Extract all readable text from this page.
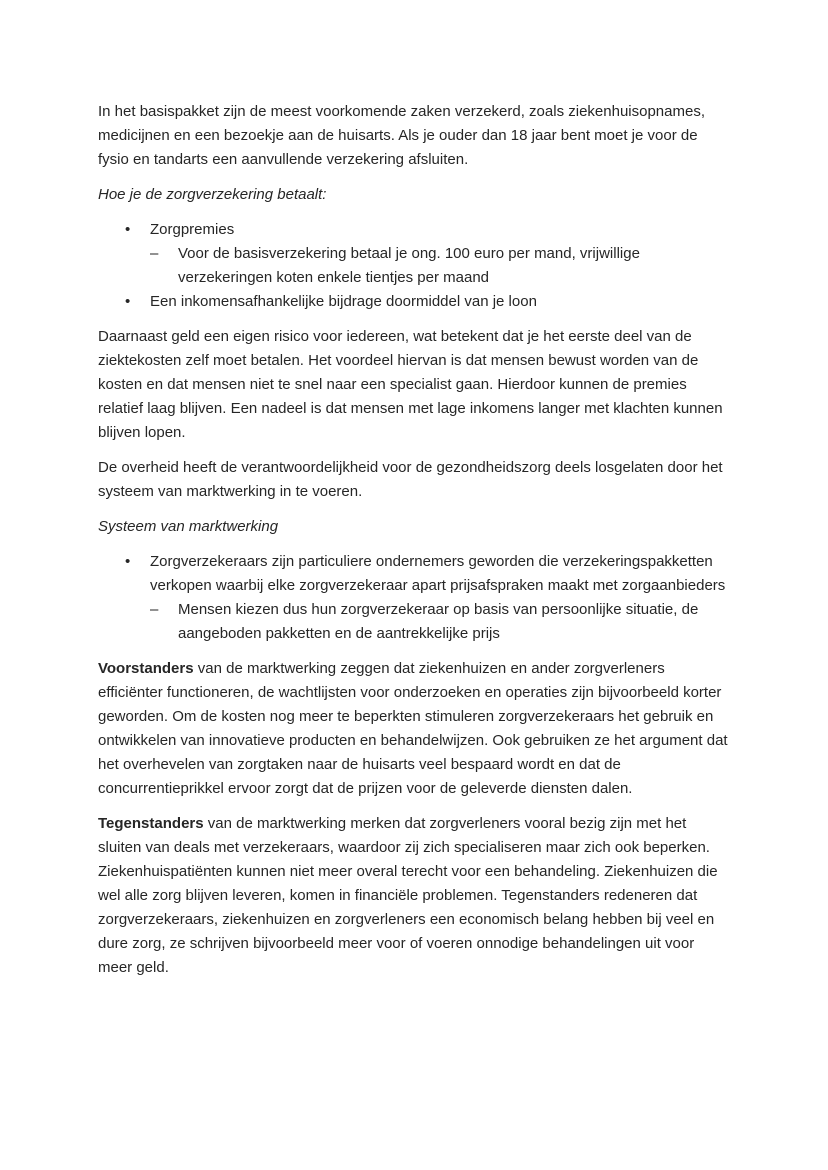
In het basispakket zijn de meest voorkomende zaken verzekerd, zoals ziekenhuisopnames, medicijnen en een bezoekje aan de huisarts. Als je ouder dan 18 jaar bent moet je voor de fysio en tandarts een aanvullende verzekering afsluiten.

Hoe je de zorgverzekering betaalt:

• Zorgpremies
– Voor de basisverzekering betaal je ong. 100 euro per mand, vrijwillige verzekeringen koten enkele tientjes per maand
• Een inkomensafhankelijke bijdrage doormiddel van je loon

Daarnaast geld een eigen risico voor iedereen, wat betekent dat je het eerste deel van de ziektekosten zelf moet betalen. Het voordeel hiervan is dat mensen bewust worden van de kosten en dat mensen niet te snel naar een specialist gaan. Hierdoor kunnen de premies relatief laag blijven. Een nadeel is dat mensen met lage inkomens langer met klachten kunnen blijven lopen.

De overheid heeft de verantwoordelijkheid voor de gezondheidszorg deels losgelaten door het systeem van marktwerking in te voeren.

Systeem van marktwerking

• Zorgverzekeraars zijn particuliere ondernemers geworden die verzekeringspakketten verkopen waarbij elke zorgverzekeraar apart prijsafspraken maakt met zorgaanbieders
– Mensen kiezen dus hun zorgverzekeraar op basis van persoonlijke situatie, de aangeboden pakketten en de aantrekkelijke prijs

Voorstanders van de marktwerking zeggen dat ziekenhuizen en ander zorgverleners efficiënter functioneren, de wachtlijsten voor onderzoeken en operaties zijn bijvoorbeeld korter geworden. Om de kosten nog meer te beperkten stimuleren zorgverzekeraars het gebruik en ontwikkelen van innovatieve producten en behandelwijzen. Ook gebruiken ze het argument dat het overhevelen van zorgtaken naar de huisarts veel bespaard wordt en dat de concurrentieprikkel ervoor zorgt dat de prijzen voor de geleverde diensten dalen.

Tegenstanders van de marktwerking merken dat zorgverleners vooral bezig zijn met het sluiten van deals met verzekeraars, waardoor zij zich specialiseren maar zich ook beperken. Ziekenhuispatiënten kunnen niet meer overal terecht voor een behandeling. Ziekenhuizen die wel alle zorg blijven leveren, komen in financiële problemen. Tegenstanders redeneren dat zorgverzekeraars, ziekenhuizen en zorgverleners een economisch belang hebben bij veel en dure zorg, ze schrijven bijvoorbeeld meer voor of voeren onnodige behandelingen uit voor meer geld.
